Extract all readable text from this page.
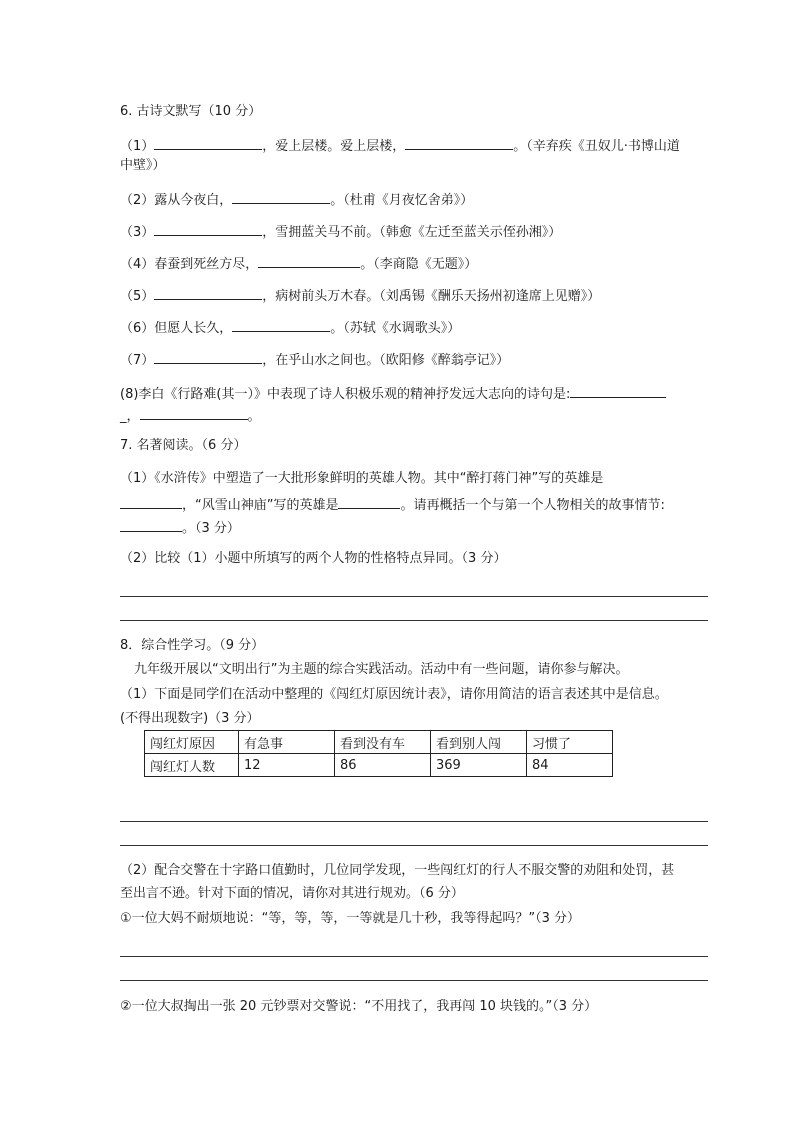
6. 古诗文默写（10 分）
（1）	，爱上层楼。爱上层楼，	。（辛弃疾《丑奴儿·书博山道
中壁》）
（2）露从今夜白，	。（杜甫《月夜忆舍弟》）
（3）	，雪拥蓝关马不前。（韩愈《左迁至蓝关示侄孙湘》）
（4）春蚕到死丝方尽，	。（李商隐《无题》）
（5）	，病树前头万木春。（刘禹锡《酬乐天扬州初逢席上见赠》）
（6）但愿人长久，	。（苏轼《水调歌头》）
（7）	，在乎山水之间也。（欧阳修《醉翁亭记》）
(8)李白《行路难(其一）》中表现了诗人积极乐观的精神抒发远大志向的诗句是:
_，	。
7. 名著阅读。（6 分）
（1）《水浒传》中塑造了一大批形象鲜明的英雄人物。其中“醉打蒋门神”写的英雄是
，“风雪山神庙”写的英雄是	。请再概括一个与第一个人物相关的故事情节:
。（3 分）
（2）比较（1）小题中所填写的两个人物的性格特点异同。（3 分）
8．综合性学习。（9 分）
九年级开展以“文明出行”为主题的综合实践活动。活动中有一些问题，请你参与解决。
（1）下面是同学们在活动中整理的《闯红灯原因统计表》，请你用简洁的语言表述其中是信息。
(不得出现数字)（3 分）
闯红灯原因	有急事	看到没有车	看到别人闯	习惯了
闯红灯人数	12	86	369	84
（2）配合交警在十字路口值勤时，几位同学发现，一些闯红灯的行人不服交警的劝阻和处罚，甚
至出言不逊。针对下面的情况，请你对其进行规劝。（6 分）
①一位大妈不耐烦地说：“等，等，等，一等就是几十秒，我等得起吗？”（3 分）
②一位大叔掏出一张 20 元钞票对交警说：“不用找了，我再闯 10 块钱的。”（3 分）
